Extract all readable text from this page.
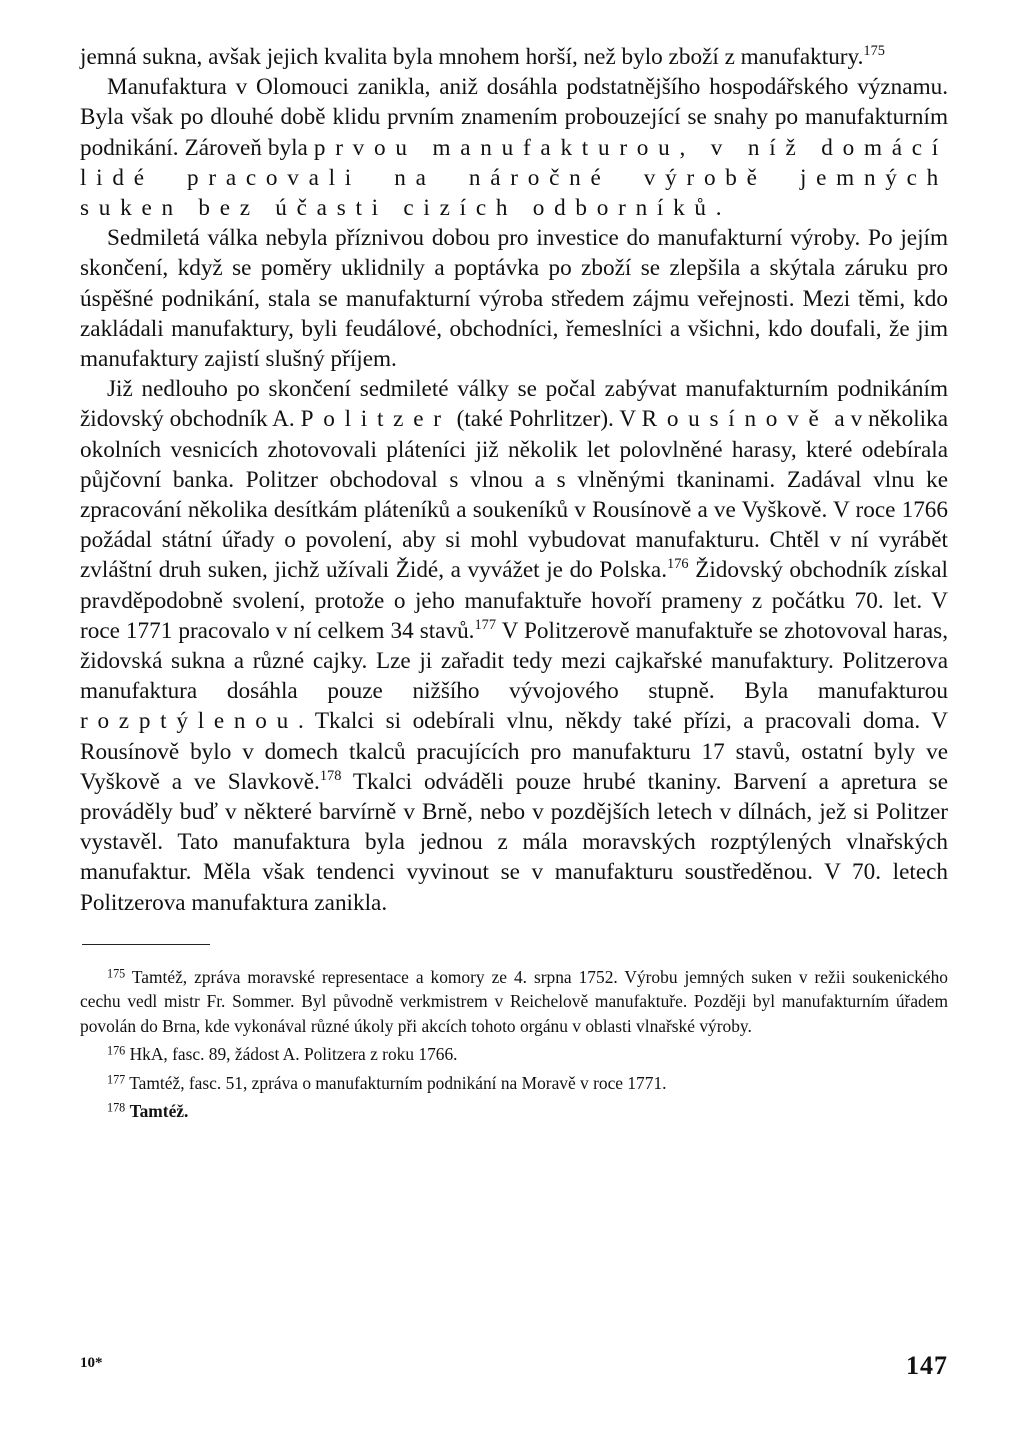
jemná sukna, avšak jejich kvalita byla mnohem horší, než bylo zboží z manufaktury.$^{175}$

Manufaktura v Olomouci zanikla, aniž dosáhla podstatnějšího hospodářského významu. Byla však po dlouhé době klidu prvním znamením probouzející se snahy po manufakturním podnikání. Zároveň byla prvou manufakturou, v níž domácí lidé pracovali na náročné výrobě jemných suken bez účasti cizích odborníků.

Sedmiletá válka nebyla příznivou dobou pro investice do manufakturní výroby. Po jejím skončení, když se poměry uklidnily a poptávka po zboží se zlepšila a skýtala záruku pro úspěšné podnikání, stala se manufakturní výroba středem zájmu veřejnosti. Mezi těmi, kdo zakládali manufaktury, byli feudálové, obchodníci, řemeslníci a všichni, kdo doufali, že jim manufaktury zajistí slušný příjem.

Již nedlouho po skončení sedmileté války se počal zabývat manufakturním podnikáním židovský obchodník A. Politzer (také Pohrlitzer). V Rousínově a v několika okolních vesnicích zhotovovali pláteníci již několik let polovlněné harasy, které odebírala půjčovní banka. Politzer obchodoval s vlnou a s vlněnými tkaninami. Zadával vlnu ke zpracování několika desítkám pláteníků a soukeníků v Rousínově a ve Vyškově. V roce 1766 požádal státní úřady o povolení, aby si mohl vybudovat manufakturu. Chtěl v ní vyrábět zvláštní druh suken, jichž užívali Židé, a vyvážet je do Polska.$^{176}$ Židovský obchodník získal pravděpodobně svolení, protože o jeho manufaktuře hovoří prameny z počátku 70. let. V roce 1771 pracovalo v ní celkem 34 stavů.$^{177}$ V Politzerově manufaktuře se zhotovoval haras, židovská sukna a různé cajky. Lze ji zařadit tedy mezi cajkařské manufaktury. Politzerova manufaktura dosáhla pouze nižšího vývojového stupně. Byla manufakturou rozptýlenou. Tkalci si odebírali vlnu, někdy také přízi, a pracovali doma. V Rousínově bylo v domech tkalců pracujících pro manufakturu 17 stavů, ostatní byly ve Vyškově a ve Slavkově.$^{178}$ Tkalci odváděli pouze hrubé tkaniny. Barvení a apretura se prováděly buď v některé barvírně v Brně, nebo v pozdějších letech v dílnách, jež si Politzer vystavěl. Tato manufaktura byla jednou z mála moravských rozptýlených vlnařských manufaktur. Měla však tendenci vyvinout se v manufakturu soustředěnou. V 70. letech Politzerova manufaktura zanikla.

$^{175}$ Tamtéž, zpráva moravské representace a komory ze 4. srpna 1752. Výrobu jemných suken v režii soukenického cechu vedl mistr Fr. Sommer. Byl původně verkmistrem v Reichelově manufaktuře. Později byl manufakturním úřadem povolán do Brna, kde vykonával různé úkoly při akcích tohoto orgánu v oblasti vlnařské výroby.

$^{176}$ HkA, fasc. 89, žádost A. Politzera z roku 1766.

$^{177}$ Tamtéž, fasc. 51, zpráva o manufakturním podnikání na Moravě v roce 1771.

$^{178}$ Tamtéž.

10*	147
